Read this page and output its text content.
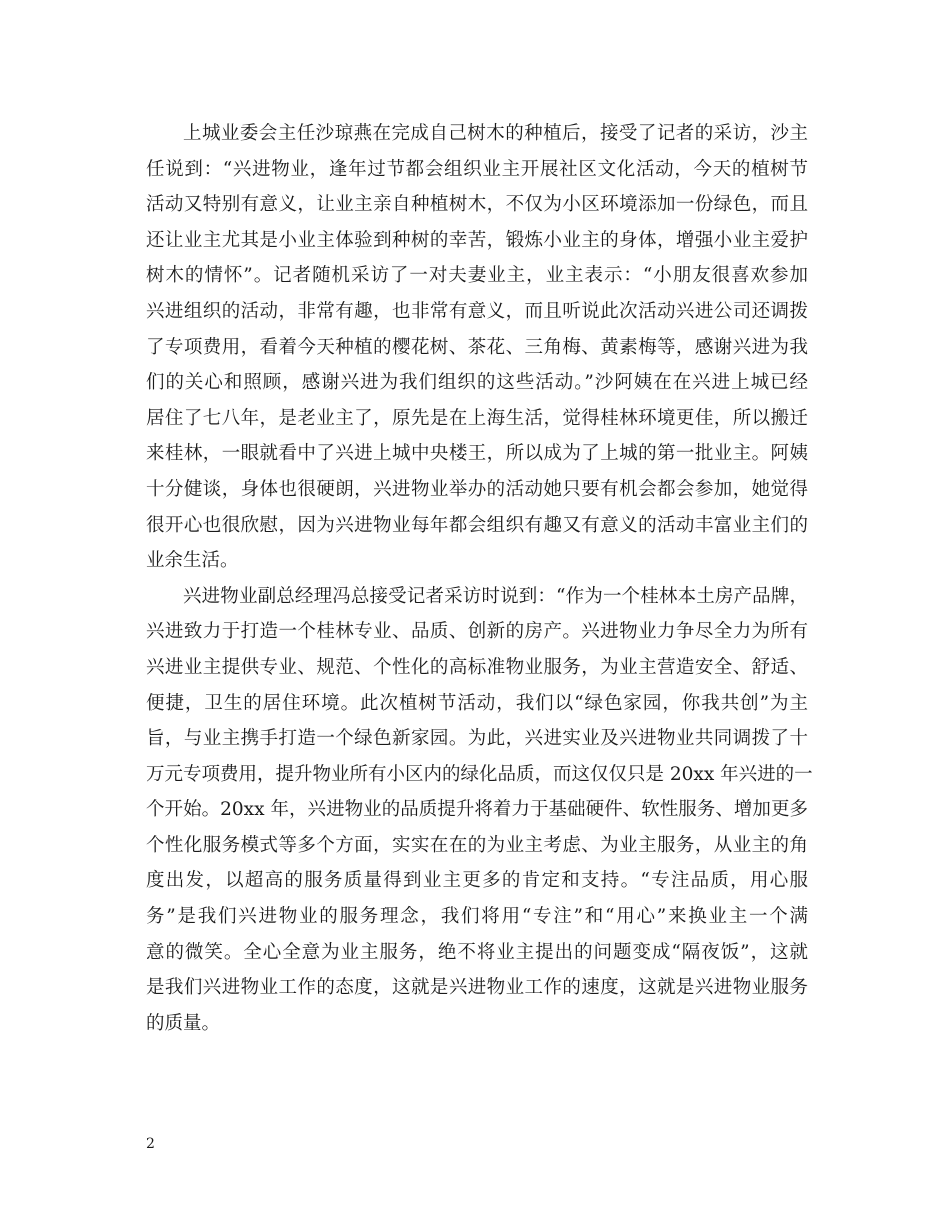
上城业委会主任沙琼燕在完成自己树木的种植后，接受了记者的采访，沙主
任说到：“兴进物业，逢年过节都会组织业主开展社区文化活动，今天的植树节
活动又特别有意义，让业主亲自种植树木，不仅为小区环境添加一份绿色，而且
还让业主尤其是小业主体验到种树的幸苦，锻炼小业主的身体，增强小业主爱护
树木的情怀”。记者随机采访了一对夫妻业主，业主表示：“小朋友很喜欢参加
兴进组织的活动，非常有趣，也非常有意义，而且听说此次活动兴进公司还调拨
了专项费用，看着今天种植的樱花树、茶花、三角梅、黄素梅等，感谢兴进为我
们的关心和照顾，感谢兴进为我们组织的这些活动。”沙阿姨在在兴进上城已经
居住了七八年，是老业主了，原先是在上海生活，觉得桂林环境更佳，所以搬迁
来桂林，一眼就看中了兴进上城中央楼王，所以成为了上城的第一批业主。阿姨
十分健谈，身体也很硬朗，兴进物业举办的活动她只要有机会都会参加，她觉得
很开心也很欣慰，因为兴进物业每年都会组织有趣又有意义的活动丰富业主们的
业余生活。
兴进物业副总经理冯总接受记者采访时说到：“作为一个桂林本土房产品牌，
兴进致力于打造一个桂林专业、品质、创新的房产。兴进物业力争尽全力为所有
兴进业主提供专业、规范、个性化的高标准物业服务，为业主营造安全、舒适、
便捷，卫生的居住环境。此次植树节活动，我们以“绿色家园，你我共创”为主
旨，与业主携手打造一个绿色新家园。为此，兴进实业及兴进物业共同调拨了十
万元专项费用，提升物业所有小区内的绿化品质，而这仅仅只是 20xx 年兴进的一
个开始。20xx 年，兴进物业的品质提升将着力于基础硬件、软性服务、增加更多
个性化服务模式等多个方面，实实在在的为业主考虑、为业主服务，从业主的角
度出发，以超高的服务质量得到业主更多的肯定和支持。“专注品质，用心服
务”是我们兴进物业的服务理念，我们将用“专注”和“用心”来换业主一个满
意的微笑。全心全意为业主服务，绝不将业主提出的问题变成“隔夜饭”，这就
是我们兴进物业工作的态度，这就是兴进物业工作的速度，这就是兴进物业服务
的质量。
2
